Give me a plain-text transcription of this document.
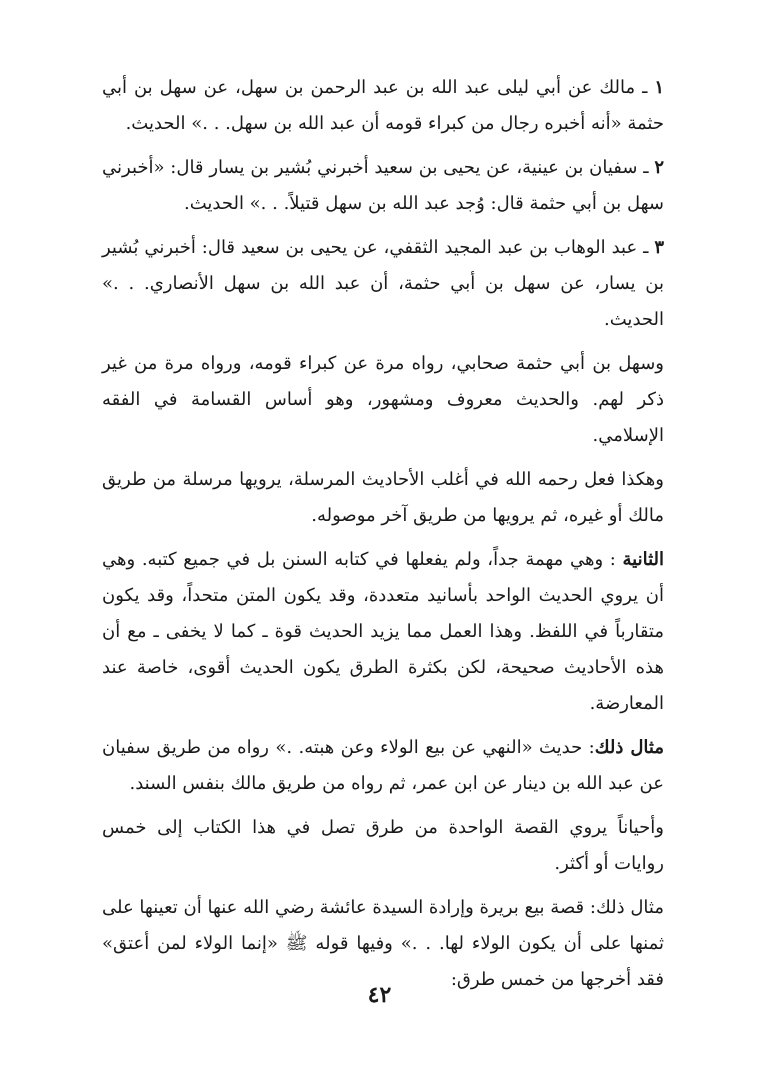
١ ـ مالك عن أبي ليلى عبد الله بن عبد الرحمن بن سهل، عن سهل بن أبي حثمة «أنه أخبره رجال من كبراء قومه أن عبد الله بن سهل. . .» الحديث.

٢ ـ سفيان بن عينية، عن يحيى بن سعيد أخبرني بُشير بن يسار قال: «أخبرني سهل بن أبي حثمة قال: وُجد عبد الله بن سهل قتيلاً. . .» الحديث.

٣ ـ عبد الوهاب بن عبد المجيد الثقفي، عن يحيى بن سعيد قال: أخبرني بُشير بن يسار، عن سهل بن أبي حثمة، أن عبد الله بن سهل الأنصاري. . .» الحديث.

وسهل بن أبي حثمة صحابي، رواه مرة عن كبراء قومه، ورواه مرة من غير ذكر لهم. والحديث معروف ومشهور، وهو أساس القسامة في الفقه الإسلامي.

وهكذا فعل رحمه الله في أغلب الأحاديث المرسلة، يرويها مرسلة من طريق مالك أو غيره، ثم يرويها من طريق آخر موصوله.

الثانية : وهي مهمة جداً، ولم يفعلها في كتابه السنن بل في جميع كتبه. وهي أن يروي الحديث الواحد بأسانيد متعددة، وقد يكون المتن متحداً، وقد يكون متقارباً في اللفظ. وهذا العمل مما يزيد الحديث قوة ـ كما لا يخفى ـ مع أن هذه الأحاديث صحيحة، لكن بكثرة الطرق يكون الحديث أقوى، خاصة عند المعارضة.

مثال ذلك: حديث «النهي عن بيع الولاء وعن هبته. .» رواه من طريق سفيان عن عبد الله بن دينار عن ابن عمر، ثم رواه من طريق مالك بنفس السند.

وأحياناً يروي القصة الواحدة من طرق تصل في هذا الكتاب إلى خمس روايات أو أكثر.

مثال ذلك: قصة بيع بريرة وإرادة السيدة عائشة رضي الله عنها أن تعينها على ثمنها على أن يكون الولاء لها. . .» وفيها قوله ﷺ «إنما الولاء لمن أعتق» فقد أخرجها من خمس طرق:

٤٢
